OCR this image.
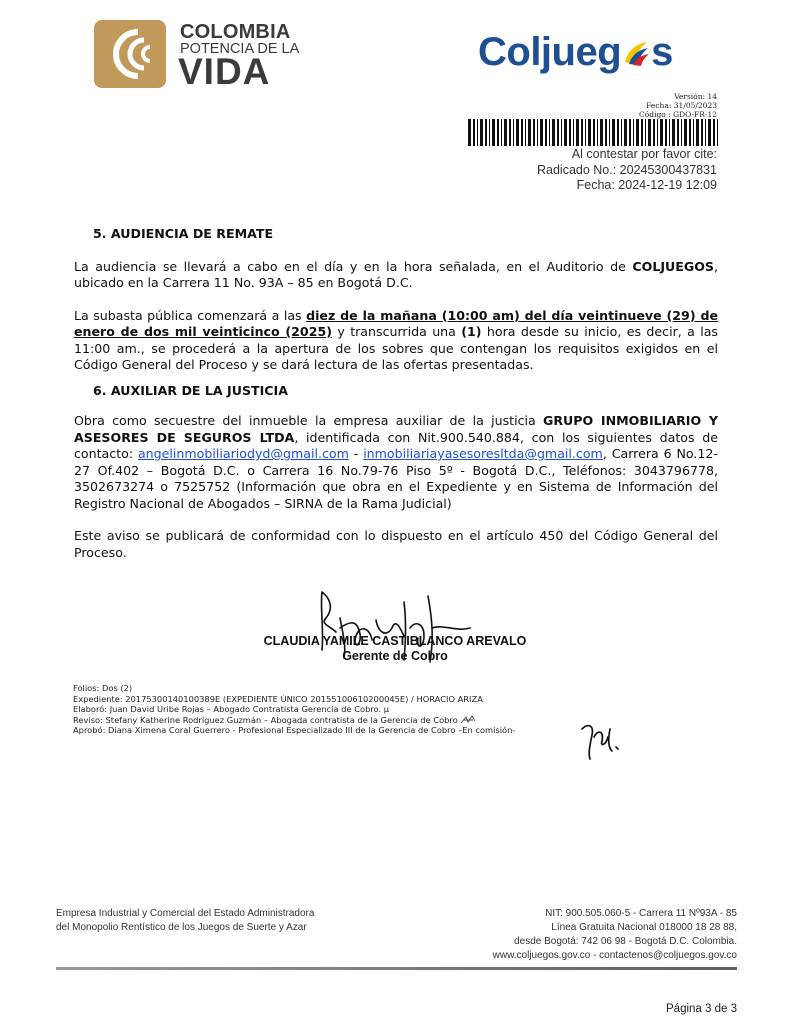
COLOMBIA
POTENCIA DE LA
VIDA	Coljueg s
Versión: 14
Fecha: 31/05/2023
Código : GDO-FR-12
Al contestar por favor cite:
Radicado No.: 20245300437831
Fecha: 2024-12-19 12:09
5. AUDIENCIA DE REMATE

La audiencia se llevará a cabo en el día y en la hora señalada, en el Auditorio de COLJUEGOS, ubicado en la Carrera 11 No. 93A – 85 en Bogotá D.C.

La subasta pública comenzará a las diez de la mañana (10:00 am) del día veintinueve (29) de enero de dos mil veinticinco (2025) y transcurrida una (1) hora desde su inicio, es decir, a las 11:00 am., se procederá a la apertura de los sobres que contengan los requisitos exigidos en el Código General del Proceso y se dará lectura de las ofertas presentadas.

6. AUXILIAR DE LA JUSTICIA

Obra como secuestre del inmueble la empresa auxiliar de la justicia GRUPO INMOBILIARIO Y ASESORES DE SEGUROS LTDA, identificada con Nit.900.540.884, con los siguientes datos de contacto: angelinmobiliariodyd@gmail.com - inmobiliariayasesoresltda@gmail.com, Carrera 6 No.12-27 Of.402 – Bogotá D.C. o Carrera 16 No.79-76 Piso 5º - Bogotá D.C., Teléfonos: 3043796778, 3502673274 o 7525752 (Información que obra en el Expediente y en Sistema de Información del Registro Nacional de Abogados – SIRNA de la Rama Judicial)

Este aviso se publicará de conformidad con lo dispuesto en el artículo 450 del Código General del Proceso.

CLAUDIA YAMILE CASTIBLANCO AREVALO
Gerente de Cobro
Folios: Dos (2)
Expediente: 20175300140100389E (EXPEDIENTE ÚNICO 20155100610200045E) / HORACIO ARIZA
Elaboró: Juan David Uribe Rojas – Abogado Contratista Gerencia de Cobro. μ
Reviso: Stefany Katherine Rodríguez Guzmán – Abogada contratista de la Gerencia de Cobro
Aprobó: Diana Ximena Coral Guerrero - Profesional Especializado III de la Gerencia de Cobro –En comisión-
Empresa Industrial y Comercial del Estado Administradora
del Monopolio Rentístico de los Juegos de Suerte y Azar
NIT: 900.505.060-5 - Carrera 11 Nº93A - 85
Línea Gratuita Nacional 018000 18 28 88,
desde Bogotá: 742 06 98 - Bogotá D.C. Colombia.
www.coljuegos.gov.co - contactenos@coljuegos.gov.co
Página 3 de 3
